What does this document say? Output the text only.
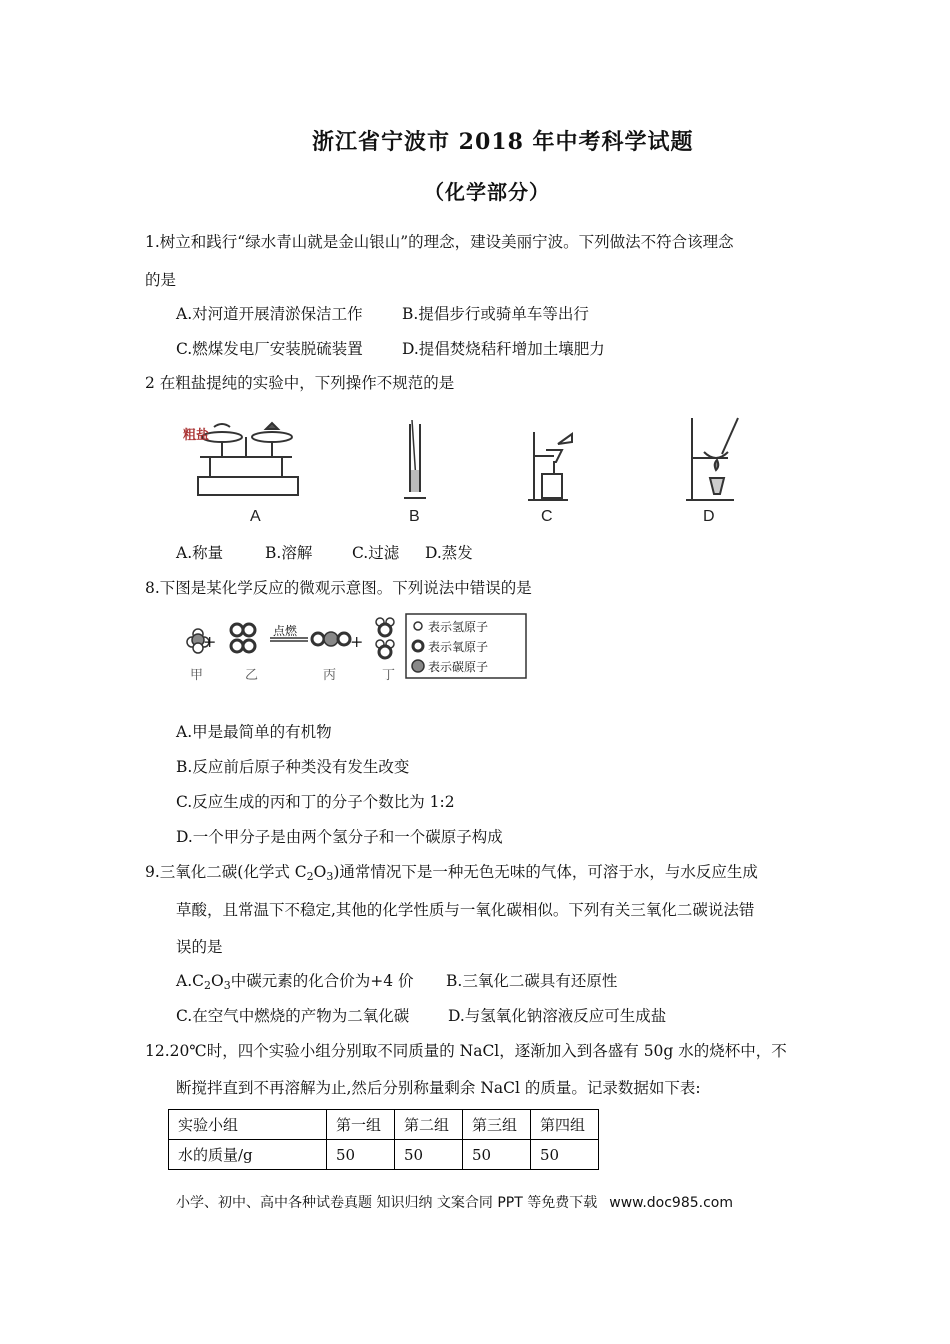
浙江省宁波市 2018 年中考科学试题
（化学部分）
1.树立和践行“绿水青山就是金山银山”的理念，建设美丽宁波。下列做法不符合该理念
的是
A.对河道开展清淤保洁工作	B.提倡步行或骑单车等出行
C.燃煤发电厂安装脱硫装置	D.提倡焚烧秸秆增加土壤肥力
2 在粗盐提纯的实验中，下列操作不规范的是
粗盐
A	B	C	D
A.称量	B.溶解	C.过滤 D.蒸发
8.下图是某化学反应的微观示意图。下列说法中错误的是
+
点燃
+
甲	乙	丙	丁
表示氢原子
表示氧原子
表示碳原子
A.甲是最简单的有机物
B.反应前后原子种类没有发生改变
C.反应生成的丙和丁的分子个数比为 1:2
D.一个甲分子是由两个氢分子和一个碳原子构成
9.三氧化二碳(化学式 $C_2O_3$)通常情况下是一种无色无味的气体，可溶于水，与水反应生成
草酸，且常温下不稳定,其他的化学性质与一氧化碳相似。下列有关三氧化二碳说法错
误的是
$A.C_2O_3$中碳元素的化合价为+4 价 B.三氧化二碳具有还原性
C.在空气中燃烧的产物为二氧化碳	D.与氢氧化钠溶液反应可生成盐
12.20℃时，四个实验小组分别取不同质量的 NaCl，逐渐加入到各盛有 50g 水的烧杯中，不
断搅拌直到不再溶解为止,然后分别称量剩余 NaCl 的质量。记录数据如下表:
实验小组	第一组	第二组	第三组	第四组
水的质量/g	50	50	50	50
小学、初中、高中各种试卷真题 知识归纳 文案合同 PPT 等免费下载 www.doc985.com
